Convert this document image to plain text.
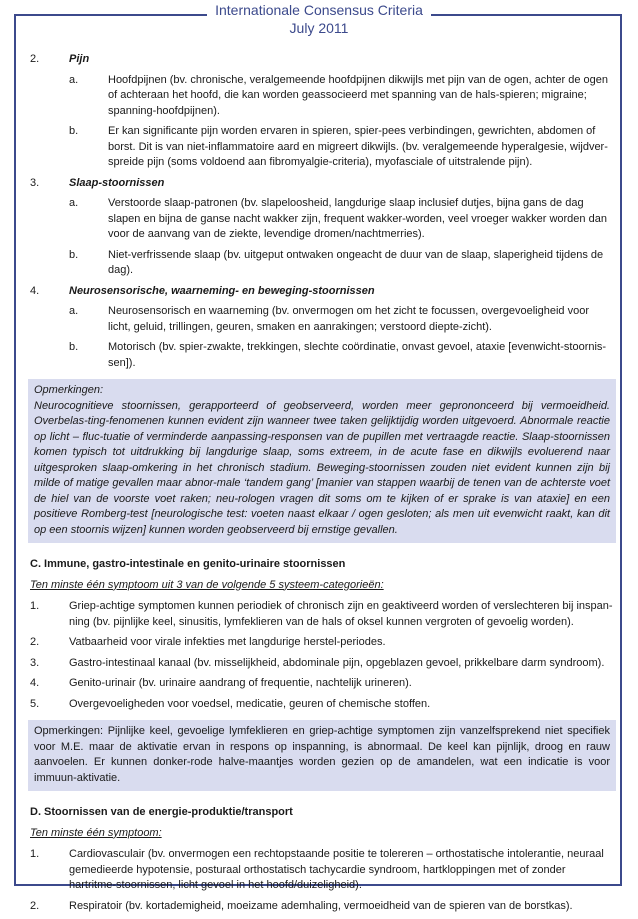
Internationale Consensus Criteria
July 2011
2.	Pijn
a.	Hoofdpijnen (bv. chronische, veralgemeende hoofdpijnen dikwijls met pijn van de ogen, achter de ogen of achteraan het hoofd, die kan worden geassocieerd met spanning van de hals-spieren; migraine; spanning-hoofdpijnen).
b.	Er kan significante pijn worden ervaren in spieren, spier-pees verbindingen, gewrichten, abdomen of borst. Dit is van niet-inflammatoire aard en migreert dikwijls. (bv. veralgemeende hyperalgesie, wijdver-spreide pijn (soms voldoend aan fibromyalgie-criteria), myofasciale of uitstralende pijn).
3.	Slaap-stoornissen
a.	Verstoorde slaap-patronen (bv. slapeloosheid, langdurige slaap inclusief dutjes, bijna gans de dag slapen en bijna de ganse nacht wakker zijn, frequent wakker-worden, veel vroeger wakker worden dan voor de aanvang van de ziekte, levendige dromen/nachtmerries).
b.	Niet-verfrissende slaap (bv. uitgeput ontwaken ongeacht de duur van de slaap, slaperigheid tijdens de dag).
4.	Neurosensorische, waarneming- en beweging-stoornissen
a.	Neurosensorisch en waarneming (bv. onvermogen om het zicht te focussen, overgevoeligheid voor licht, geluid, trillingen, geuren, smaken en aanrakingen; verstoord diepte-zicht).
b.	Motorisch (bv. spier-zwakte, trekkingen, slechte coördinatie, onvast gevoel, ataxie [evenwicht-stoornis-sen]).
Opmerkingen:
Neurocognitieve stoornissen, gerapporteerd of geobserveerd, worden meer geprononceerd bij vermoeidheid. Overbelas-ting-fenomenen kunnen evident zijn wanneer twee taken gelijktijdig worden uitgevoerd. Abnormale reactie op licht – fluc-tuatie of verminderde aanpassing-responsen van de pupillen met vertraagde reactie. Slaap-stoornissen komen typisch tot uitdrukking bij langdurige slaap, soms extreem, in de acute fase en dikwijls evoluerend naar uitgesproken slaap-omkering in het chronisch stadium. Beweging-stoornissen zouden niet evident kunnen zijn bij milde of matige gevallen maar abnor-male ‘tandem gang’ [manier van stappen waarbij de tenen van de achterste voet de hiel van de voorste voet raken; neu-rologen vragen dit soms om te kijken of er sprake is van ataxie] en een positieve Romberg-test [neurologische test: voeten naast elkaar / ogen gesloten; als men uit evenwicht raakt, kan dit op een stoornis wijzen] kunnen worden geobserveerd bij ernstige gevallen.
C. Immune, gastro-intestinale en genito-urinaire stoornissen
Ten minste één symptoom uit 3 van de volgende 5 systeem-categorieën:
1.	Griep-achtige symptomen kunnen periodiek of chronisch zijn en geaktiveerd worden of verslechteren bij inspan-ning (bv. pijnlijke keel, sinusitis, lymfeklieren van de hals of oksel kunnen vergroten of gevoelig worden).
2.	Vatbaarheid voor virale infekties met langdurige herstel-periodes.
3.	Gastro-intestinaal kanaal (bv. misselijkheid, abdominale pijn, opgeblazen gevoel, prikkelbare darm syndroom).
4.	Genito-urinair (bv. urinaire aandrang of frequentie, nachtelijk urineren).
5.	Overgevoeligheden voor voedsel, medicatie, geuren of chemische stoffen.
Opmerkingen: Pijnlijke keel, gevoelige lymfeklieren en griep-achtige symptomen zijn vanzelfsprekend niet specifiek voor M.E. maar de aktivatie ervan in respons op inspanning, is abnormaal. De keel kan pijnlijk, droog en rauw aanvoelen. Er kunnen donker-rode halve-maantjes worden gezien op de amandelen, wat een indicatie is voor immuun-aktivatie.
D. Stoornissen van de energie-produktie/transport
Ten minste één symptoom:
1.	Cardiovasculair (bv. onvermogen een rechtopstaande positie te tolereren – orthostatische intolerantie, neuraal gemedieerde hypotensie, posturaal orthostatisch tachycardie syndroom, hartkloppingen met of zonder hartritme-stoornissen, licht gevoel in het hoofd/duizeligheid).
2.	Respiratoir (bv. kortademigheid, moeizame ademhaling, vermoeidheid van de spieren van de borstkas).
